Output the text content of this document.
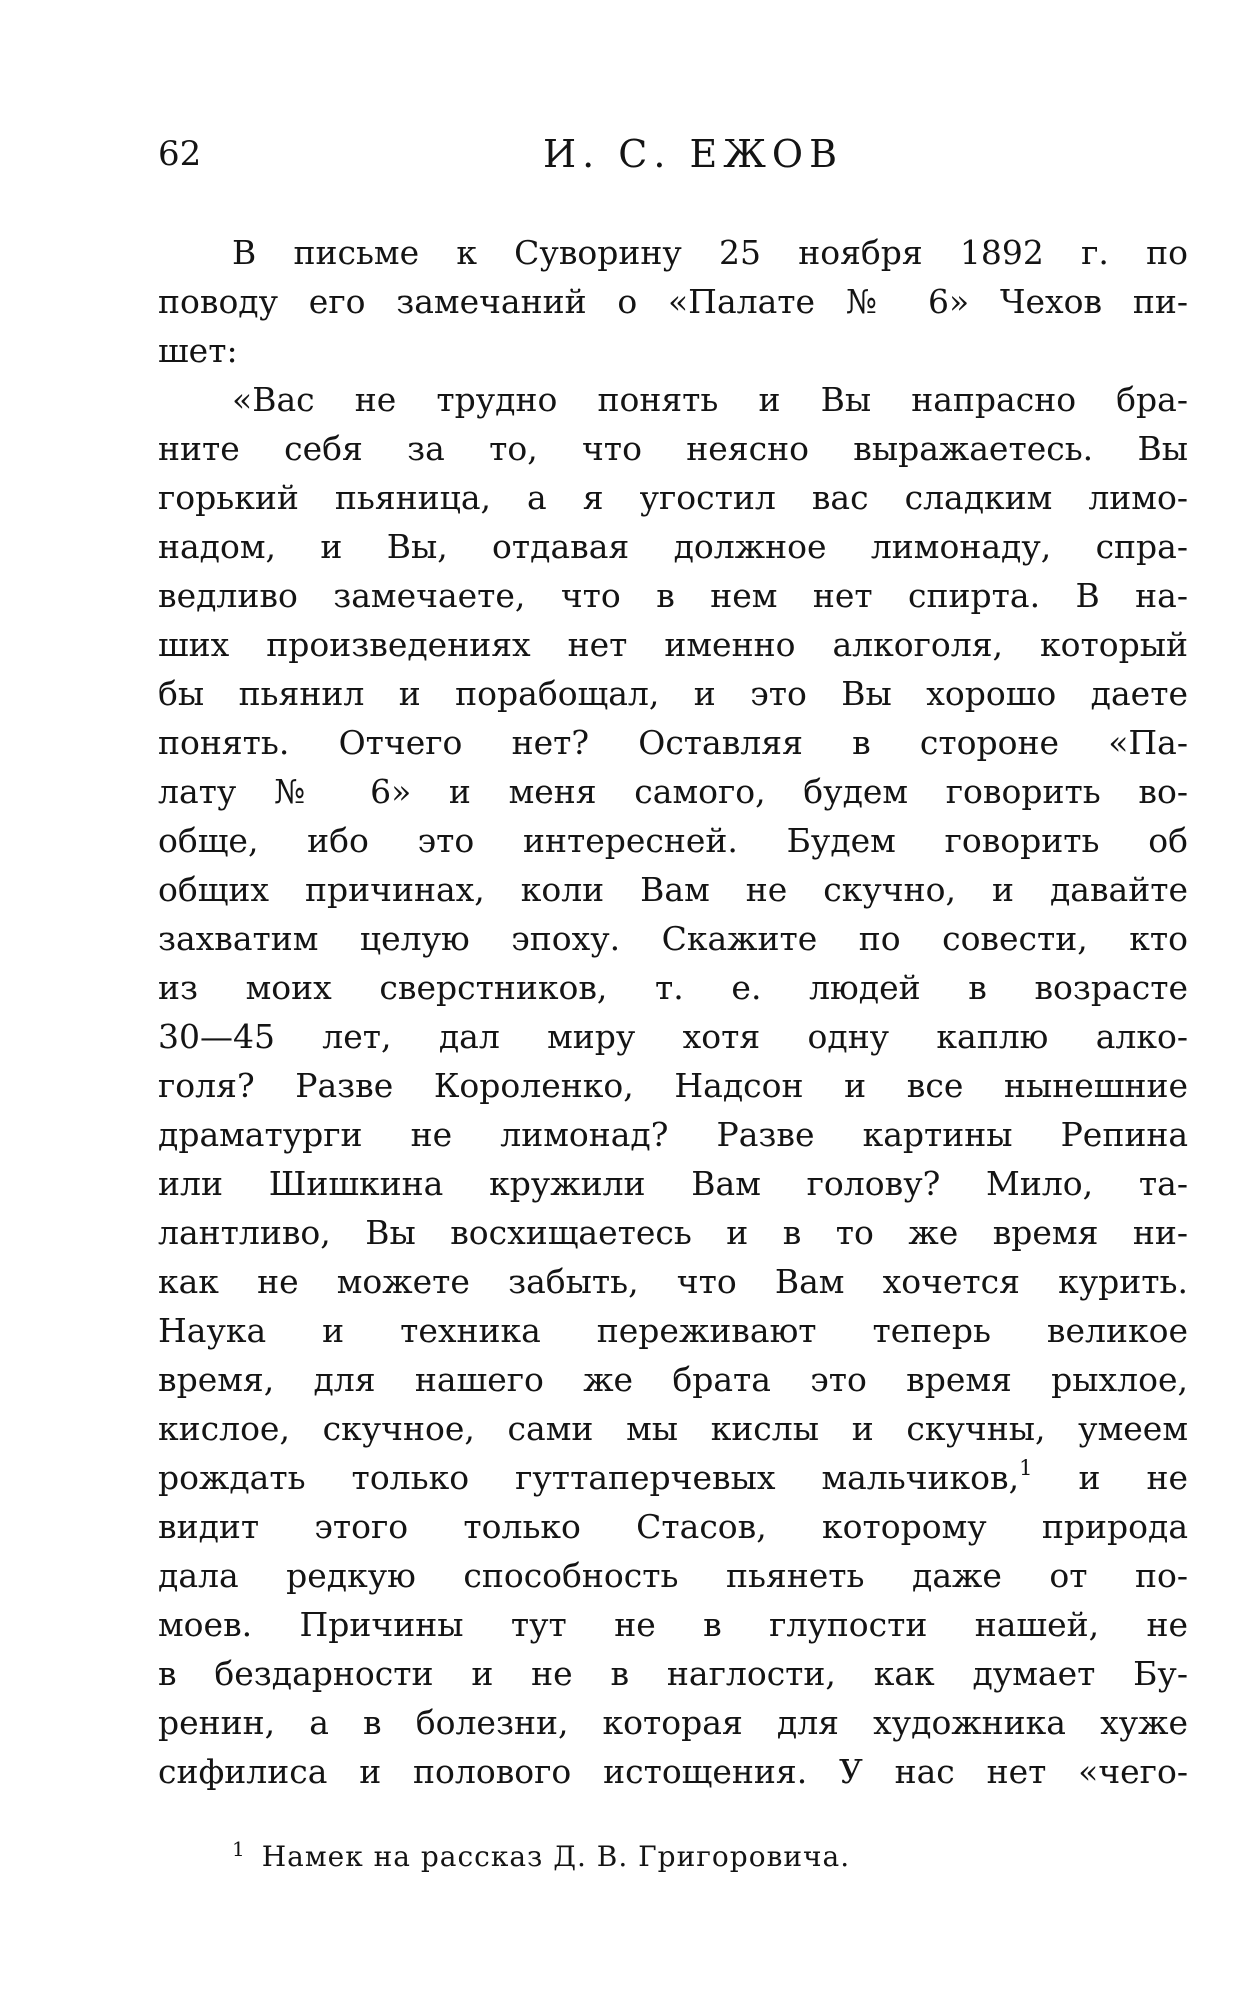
62	И. С. ЕЖОВ
В письме к Суворину 25 ноября 1892 г. по
поводу его замечаний о «Палате № 6» Чехов пи-
шет:
«Вас не трудно понять и Вы напрасно бра-
ните себя за то, что неясно выражаетесь. Вы
горький пьяница, а я угостил вас сладким лимо-
надом, и Вы, отдавая должное лимонаду, спра-
ведливо замечаете, что в нем нет спирта. В на-
ших произведениях нет именно алкоголя, который
бы пьянил и порабощал, и это Вы хорошо даете
понять. Отчего нет? Оставляя в стороне «Па-
лату № 6» и меня самого, будем говорить во-
обще, ибо это интересней. Будем говорить об
общих причинах, коли Вам не скучно, и давайте
захватим целую эпоху. Скажите по совести, кто
из моих сверстников, т. е. людей в возрасте
30—45 лет, дал миру хотя одну каплю алко-
голя? Разве Короленко, Надсон и все нынешние
драматурги не лимонад? Разве картины Репина
или Шишкина кружили Вам голову? Мило, та-
лантливо, Вы восхищаетесь и в то же время ни-
как не можете забыть, что Вам хочется курить.
Наука и техника переживают теперь великое
время, для нашего же брата это время рыхлое,
кислое, скучное, сами мы кислы и скучны, умеем
рождать только гуттаперчевых мальчиков,$^1$ и не
видит этого только Стасов, которому природа
дала редкую способность пьянеть даже от по-
моев. Причины тут не в глупости нашей, не
в бездарности и не в наглости, как думает Бу-
ренин, а в болезни, которая для художника хуже
сифилиса и полового истощения. У нас нет «чего-
$^1$ Намек на рассказ Д. В. Григоровича.
